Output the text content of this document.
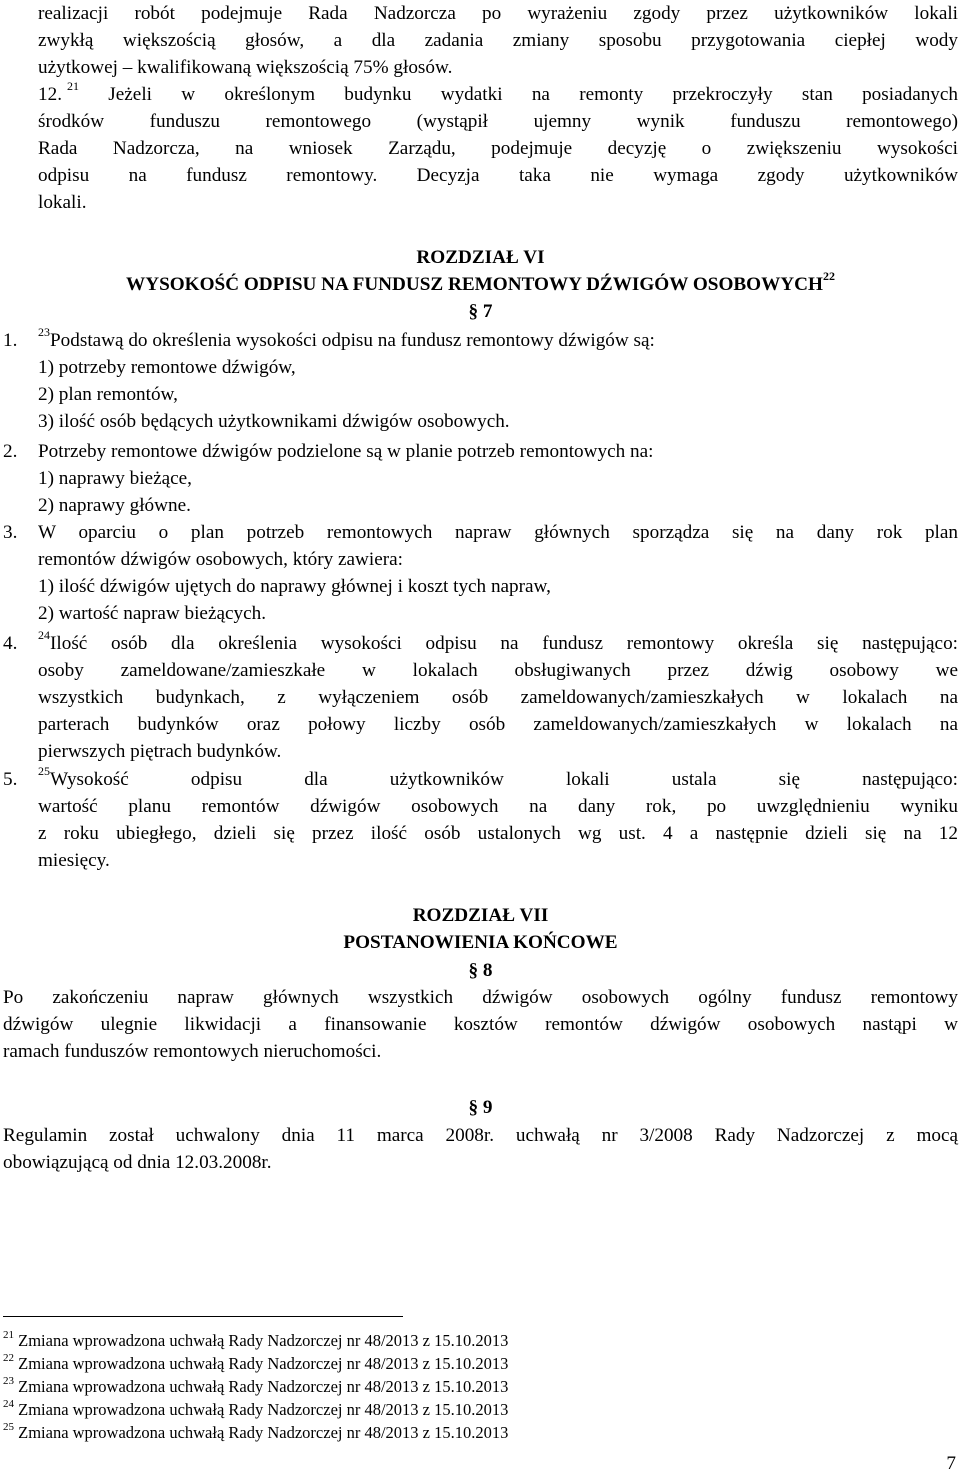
realizacji robót podejmuje Rada Nadzorcza po wyrażeniu zgody przez użytkowników lokali
zwykłą większością głosów, a dla zadania zmiany sposobu przygotowania ciepłej wody
użytkowej – kwalifikowaną większością 75% głosów.
12. $^{21}$ Jeżeli w określonym budynku wydatki na remonty przekroczyły stan posiadanych
środków funduszu remontowego (wystąpił ujemny wynik funduszu remontowego)
Rada Nadzorcza, na wniosek Zarządu, podejmuje decyzję o zwiększeniu wysokości
odpisu na fundusz remontowy. Decyzja taka nie wymaga zgody użytkowników
lokali.
ROZDZIAŁ VI
WYSOKOŚĆ ODPISU NA FUNDUSZ REMONTOWY DŹWIGÓW OSOBOWYCH$^{22}$
§ 7
1.	$^{23}$Podstawą do określenia wysokości odpisu na fundusz remontowy dźwigów są:
1) potrzeby remontowe dźwigów,
2) plan remontów,
3) ilość osób będących użytkownikami dźwigów osobowych.
2.	Potrzeby remontowe dźwigów podzielone są w planie potrzeb remontowych na:
1) naprawy bieżące,
2) naprawy główne.
3.	W oparciu o plan potrzeb remontowych napraw głównych sporządza się na dany rok plan
remontów dźwigów osobowych, który zawiera:
1) ilość dźwigów ujętych do naprawy głównej i koszt tych napraw,
2) wartość napraw bieżących.
4.	$^{24}$Ilość osób dla określenia wysokości odpisu na fundusz remontowy określa się następująco:
osoby zameldowane/zamieszkałe w lokalach obsługiwanych przez dźwig osobowy we
wszystkich budynkach, z wyłączeniem osób zameldowanych/zamieszkałych w lokalach na
parterach budynków oraz połowy liczby osób zameldowanych/zamieszkałych w lokalach na
pierwszych piętrach budynków.
5.	$^{25}$Wysokość odpisu dla użytkowników lokali ustala się następująco:
wartość planu remontów dźwigów osobowych na dany rok, po uwzględnieniu wyniku
z roku ubiegłego, dzieli się przez ilość osób ustalonych wg ust. 4 a następnie dzieli się na 12
miesięcy.
ROZDZIAŁ VII
POSTANOWIENIA KOŃCOWE
§ 8
Po zakończeniu napraw głównych wszystkich dźwigów osobowych ogólny fundusz remontowy
dźwigów ulegnie likwidacji a finansowanie kosztów remontów dźwigów osobowych nastąpi w
ramach funduszów remontowych nieruchomości.
§ 9
Regulamin został uchwalony dnia 11 marca 2008r. uchwałą nr 3/2008 Rady Nadzorczej z mocą
obowiązującą od dnia 12.03.2008r.
$^{21}$ Zmiana wprowadzona uchwałą Rady Nadzorczej nr 48/2013 z 15.10.2013
$^{22}$ Zmiana wprowadzona uchwałą Rady Nadzorczej nr 48/2013 z 15.10.2013
$^{23}$ Zmiana wprowadzona uchwałą Rady Nadzorczej nr 48/2013 z 15.10.2013
$^{24}$ Zmiana wprowadzona uchwałą Rady Nadzorczej nr 48/2013 z 15.10.2013
$^{25}$ Zmiana wprowadzona uchwałą Rady Nadzorczej nr 48/2013 z 15.10.2013
7
